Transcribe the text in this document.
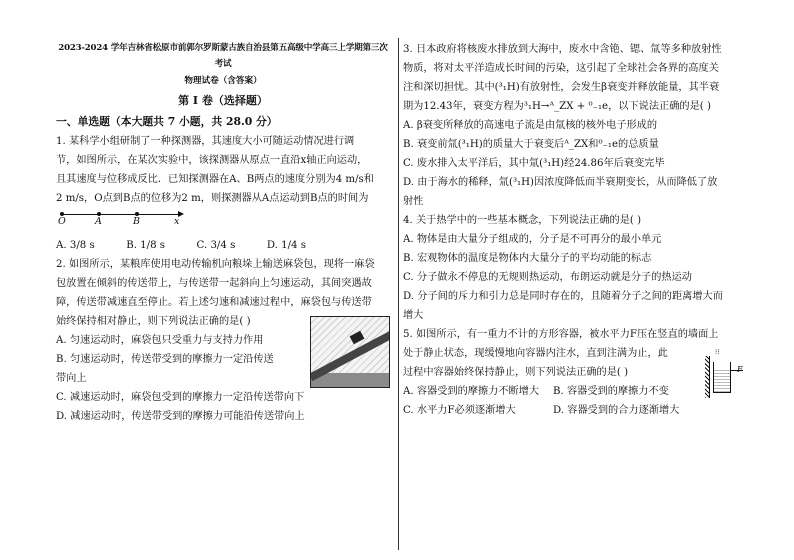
2023-2024 学年吉林省松原市前郭尔罗斯蒙古族自治县第五高级中学高三上学期第三次考试
物理试卷（含答案）
第 I 卷（选择题）
一、单选题（本大题共 7 小题，共 28.0 分）

1. 某科学小组研制了一种探测器，其速度大小可随运动情况进行调

节，如图所示，在某次实验中，该探测器从原点一直沿x轴正向运动，

且其速度与位移成反比．已知探测器在A、B两点的速度分别为4 m/s和

2 m/s，O点到B点的位移为2 m，则探测器从A点运动到B点的时间为

O	A	B	x
A. 3/8 s	B. 1/8 s	C. 3/4 s	D. 1/4 s

2. 如图所示，某粮库使用电动传输机向粮垛上输送麻袋包，现将一麻袋

包放置在倾斜的传送带上，与传送带一起斜向上匀速运动，其间突遇故

障，传送带减速直至停止。若上述匀速和减速过程中，麻袋包与传送带

始终保持相对静止，则下列说法正确的是( )

A. 匀速运动时，麻袋包只受重力与支持力作用

B. 匀速运动时，传送带受到的摩擦力一定沿传送

带向上

C. 减速运动时，麻袋包受到的摩擦力一定沿传送带向下

D. 减速运动时，传送带受到的摩擦力可能沿传送带向上

3. 日本政府将核废水排放到大海中，废水中含铯、锶、氚等多种放射性

物质，将对太平洋造成长时间的污染，这引起了全球社会各界的高度关

注和深切担忧。其中(³₁H)有放射性，会发生β衰变并释放能量，其半衰

期为12.43年，衰变方程为³₁H→ᴬ_ZX + ⁰₋₁e，以下说法正确的是( )

A. β衰变所释放的高速电子流是由氚核的核外电子形成的

B. 衰变前氚(³₁H)的质量大于衰变后ᴬ_ZX和⁰₋₁e的总质量

C. 废水排入太平洋后，其中氚(³₁H)经24.86年后衰变完毕

D. 由于海水的稀释，氚(³₁H)因浓度降低而半衰期变长，从而降低了放

射性

4. 关于热学中的一些基本概念，下列说法正确的是( )

A. 物体是由大量分子组成的，分子是不可再分的最小单元

B. 宏观物体的温度是物体内大量分子的平均动能的标志

C. 分子做永不停息的无规则热运动，布朗运动就是分子的热运动

D. 分子间的斥力和引力总是同时存在的，且随着分子之间的距离增大而

增大

5. 如图所示，有一重力不计的方形容器，被水平力F压在竖直的墙面上

处于静止状态，现缓慢地向容器内注水，直到注满为止，此

过程中容器始终保持静止，则下列说法正确的是( )

A. 容器受到的摩擦力不断增大	B. 容器受到的摩擦力不变
⁝⁝
F
C. 水平力F必须逐渐增大	D. 容器受到的合力逐渐增大
